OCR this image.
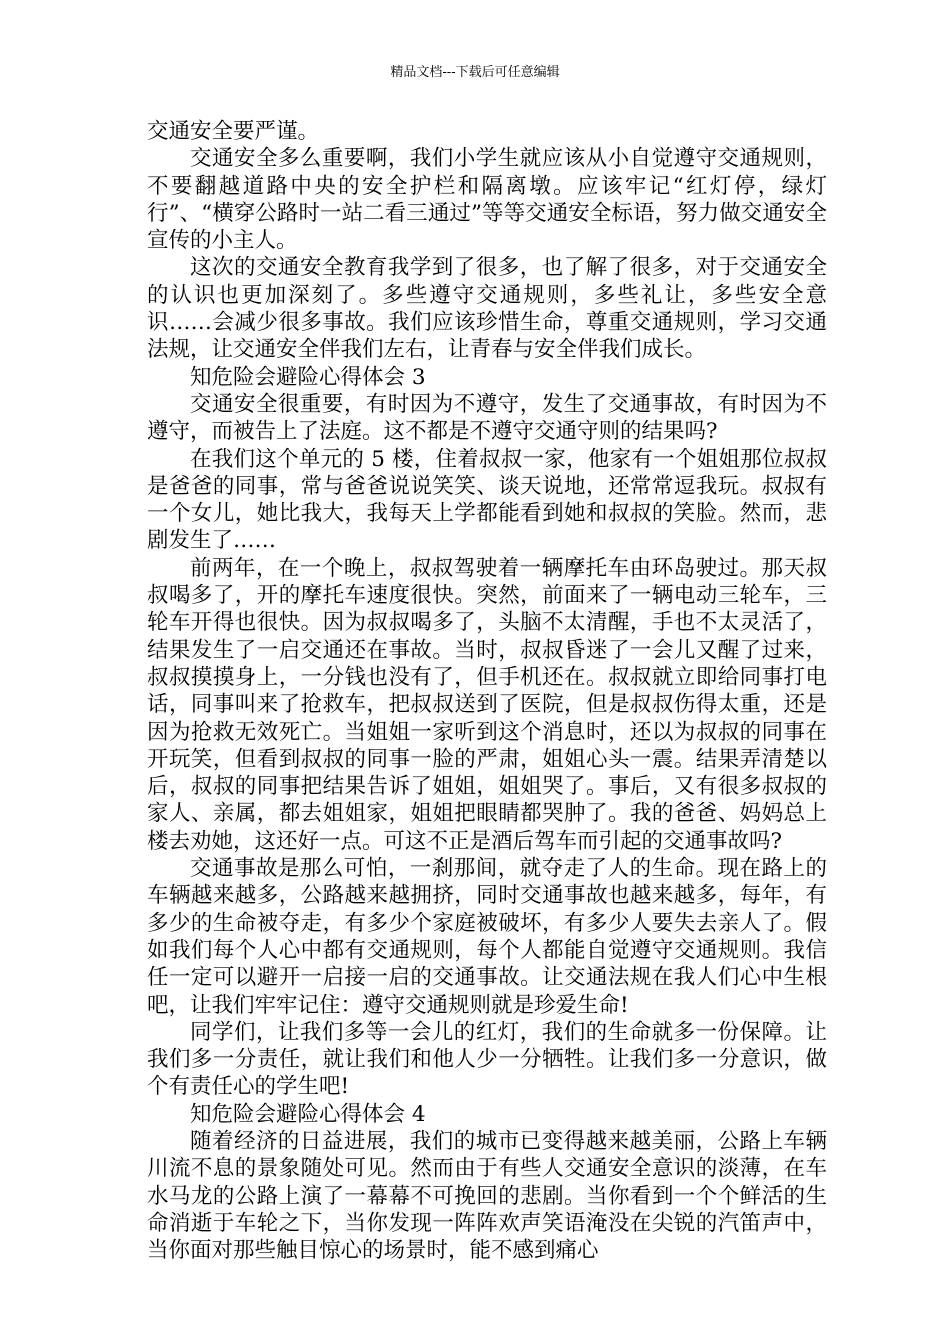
精品文档---下载后可任意编辑

交通安全要严谨。

交通安全多么重要啊，我们小学生就应该从小自觉遵守交通规则，不要翻越道路中央的安全护栏和隔离墩。应该牢记“红灯停，绿灯行”、“横穿公路时一站二看三通过”等等交通安全标语，努力做交通安全宣传的小主人。

这次的交通安全教育我学到了很多，也了解了很多，对于交通安全的认识也更加深刻了。多些遵守交通规则，多些礼让，多些安全意识……会减少很多事故。我们应该珍惜生命，尊重交通规则，学习交通法规，让交通安全伴我们左右，让青春与安全伴我们成长。

知危险会避险心得体会 3

交通安全很重要，有时因为不遵守，发生了交通事故，有时因为不遵守，而被告上了法庭。这不都是不遵守交通守则的结果吗?

在我们这个单元的 5 楼，住着叔叔一家，他家有一个姐姐那位叔叔是爸爸的同事，常与爸爸说说笑笑、谈天说地，还常常逗我玩。叔叔有一个女儿，她比我大，我每天上学都能看到她和叔叔的笑脸。然而，悲剧发生了……

前两年，在一个晚上，叔叔驾驶着一辆摩托车由环岛驶过。那天叔叔喝多了，开的摩托车速度很快。突然，前面来了一辆电动三轮车，三轮车开得也很快。因为叔叔喝多了，头脑不太清醒，手也不太灵活了，结果发生了一启交通还在事故。当时，叔叔昏迷了一会儿又醒了过来，叔叔摸摸身上，一分钱也没有了，但手机还在。叔叔就立即给同事打电话，同事叫来了抢救车，把叔叔送到了医院，但是叔叔伤得太重，还是因为抢救无效死亡。当姐姐一家听到这个消息时，还以为叔叔的同事在开玩笑，但看到叔叔的同事一脸的严肃，姐姐心头一震。结果弄清楚以后，叔叔的同事把结果告诉了姐姐，姐姐哭了。事后，又有很多叔叔的家人、亲属，都去姐姐家，姐姐把眼睛都哭肿了。我的爸爸、妈妈总上楼去劝她，这还好一点。可这不正是酒后驾车而引起的交通事故吗?

交通事故是那么可怕，一刹那间，就夺走了人的生命。现在路上的车辆越来越多，公路越来越拥挤，同时交通事故也越来越多，每年，有多少的生命被夺走，有多少个家庭被破坏，有多少人要失去亲人了。假如我们每个人心中都有交通规则，每个人都能自觉遵守交通规则。我信任一定可以避开一启接一启的交通事故。让交通法规在我人们心中生根吧，让我们牢牢记住：遵守交通规则就是珍爱生命!

同学们，让我们多等一会儿的红灯，我们的生命就多一份保障。让我们多一分责任，就让我们和他人少一分牺牲。让我们多一分意识，做个有责任心的学生吧!

知危险会避险心得体会 4

随着经济的日益进展，我们的城市已变得越来越美丽，公路上车辆川流不息的景象随处可见。然而由于有些人交通安全意识的淡薄，在车水马龙的公路上演了一幕幕不可挽回的悲剧。当你看到一个个鲜活的生命消逝于车轮之下，当你发现一阵阵欢声笑语淹没在尖锐的汽笛声中，当你面对那些触目惊心的场景时，能不感到痛心
